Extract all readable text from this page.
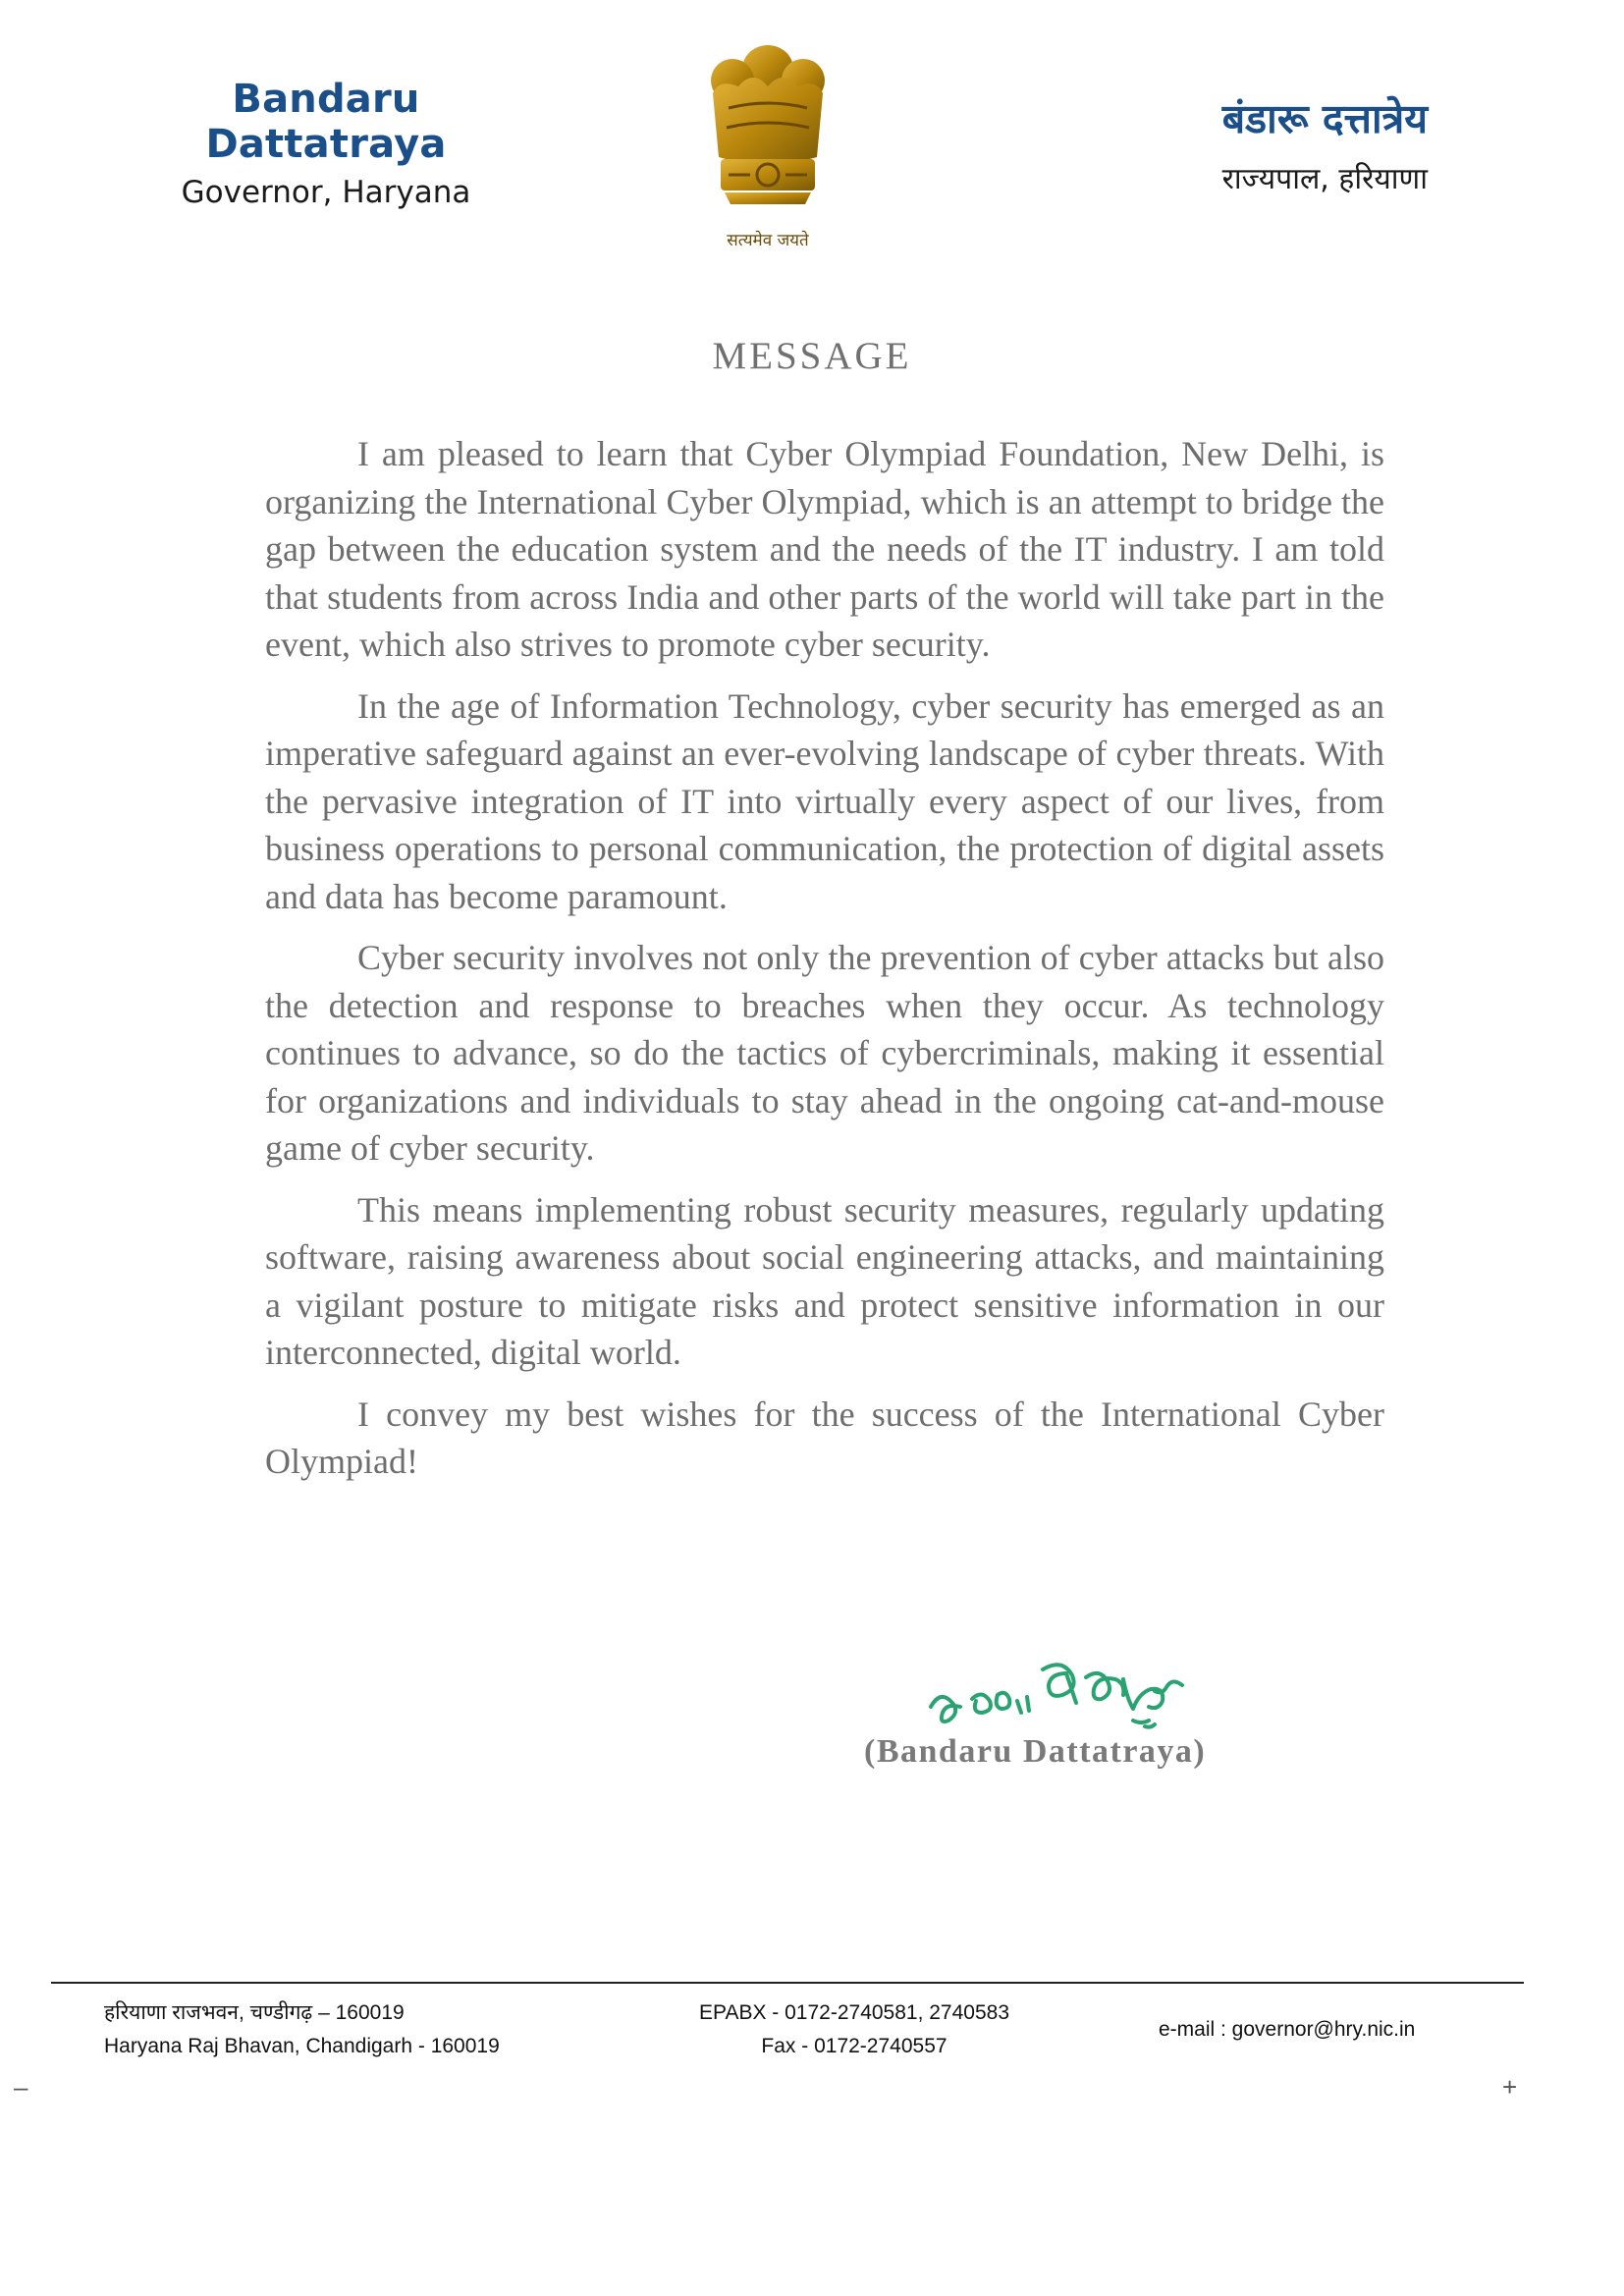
Bandaru Dattatraya
Governor, Haryana
सत्यमेव जयते
बंडारू दत्तात्रेय
राज्यपाल, हरियाणा
MESSAGE

I am pleased to learn that Cyber Olympiad Foundation, New Delhi, is organizing the International Cyber Olympiad, which is an attempt to bridge the gap between the education system and the needs of the IT industry. I am told that students from across India and other parts of the world will take part in the event, which also strives to promote cyber security.

In the age of Information Technology, cyber security has emerged as an imperative safeguard against an ever-evolving landscape of cyber threats. With the pervasive integration of IT into virtually every aspect of our lives, from business operations to personal communication, the protection of digital assets and data has become paramount.

Cyber security involves not only the prevention of cyber attacks but also the detection and response to breaches when they occur. As technology continues to advance, so do the tactics of cybercriminals, making it essential for organizations and individuals to stay ahead in the ongoing cat-and-mouse game of cyber security.

This means implementing robust security measures, regularly updating software, raising awareness about social engineering attacks, and maintaining a vigilant posture to mitigate risks and protect sensitive information in our interconnected, digital world.

I convey my best wishes for the success of the International Cyber Olympiad!

(Bandaru Dattatraya)
हरियाणा राजभवन, चण्डीगढ़ – 160019
Haryana Raj Bhavan, Chandigarh - 160019
EPABX - 0172-2740581, 2740583
Fax - 0172-2740557
e-mail : governor@hry.nic.in
–	+
